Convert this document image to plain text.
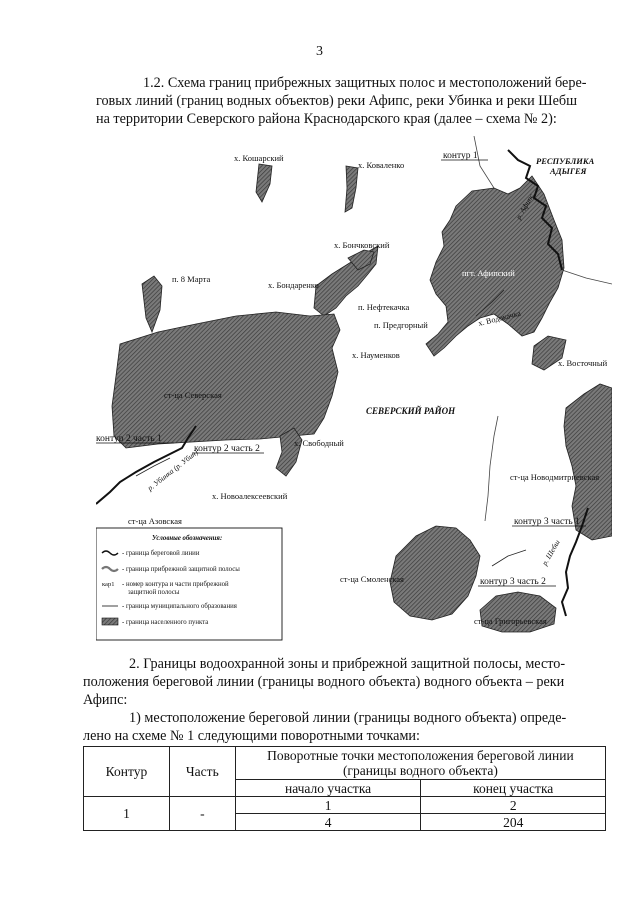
3
1.2. Схема границ прибрежных защитных полос и местоположений бере-
говых линий (границ водных объектов) реки Афипс, реки Убинка и реки Шебш
на территории Северского района Краснодарского края (далее – схема № 2):
х. Кошарский
х. Коваленко
контур 1	РЕСПУБЛИКА
АДЫГЕЯ
р. Афипс
х. Бончковский
п. 8 Марта
х. Бондаренко
пгт. Афипский
п. Нефтекачка
п. Предгорный	х. Водокачка
х. Науменков
х. Восточный
ст-ца Северская
СЕВЕРСКИЙ РАЙОН
контур 2 часть 1
контур 2 часть 2
х. Свободный
ст-ца Новодмитриевская
р. Убинка (р. Убин)
х. Новоалексеевский
ст-ца Азовская	контур 3 часть 1
р. Шебш
ст-ца Смоленская	контур 3 часть 2
ст-ца Григорьевская
Условные обозначения:
- граница береговой линии
- граница прибрежной защитной полосы
кар1 - номер контура и части прибрежной
защитной полосы
- граница муниципального образования
- граница населенного пункта
2. Границы водоохранной зоны и прибрежной защитной полосы, место-
положения береговой линии (границы водного объекта) водного объекта – реки
Афипс:
1) местоположение береговой линии (границы водного объекта) опреде-
лено на схеме № 1 следующими поворотными точками:
Контур	Часть	Поворотные точки местоположения береговой линии
(границы водного объекта)	
		начало участка	конец участка
1	-	1	2
		4	204
